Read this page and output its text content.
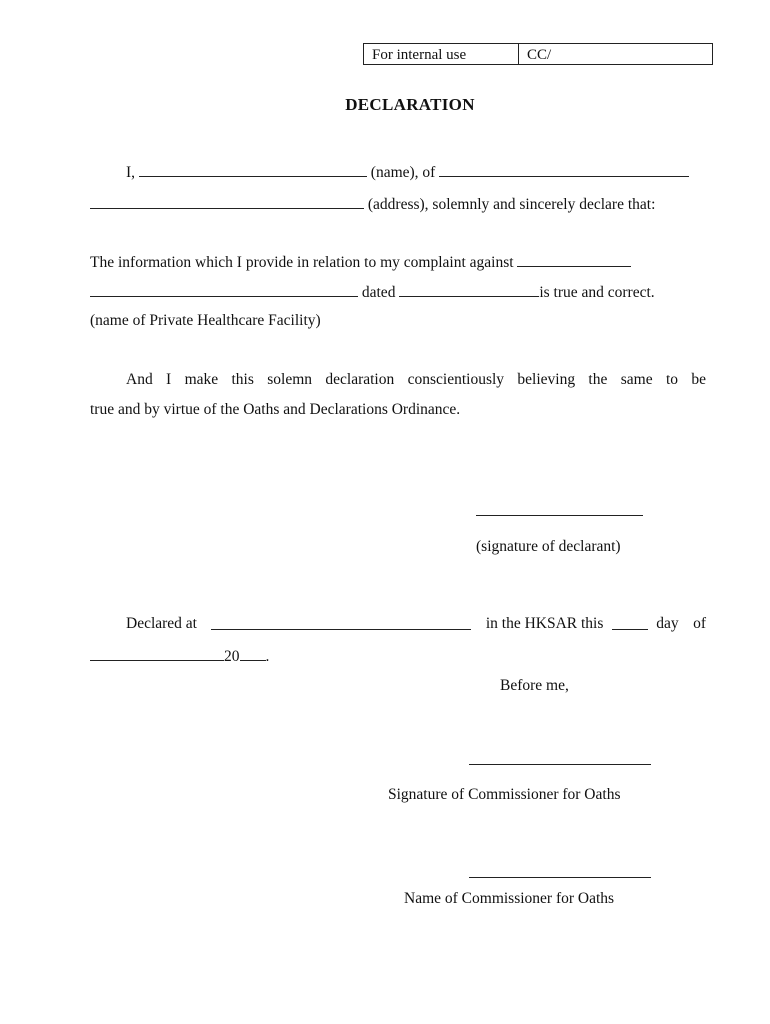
For internal use	CC/
DECLARATION
I,	(name), of
(address), solemnly and sincerely declare that:
The information which I provide in relation to my complaint against
dated	is true and correct.
(name of Private Healthcare Facility)
And I make this solemn declaration conscientiously believing the same to be
true and by virtue of the Oaths and Declarations Ordinance.
(signature of declarant)
Declared at	in the HKSAR this	day of
20 .
Before me,
Signature of Commissioner for Oaths
Name of Commissioner for Oaths
